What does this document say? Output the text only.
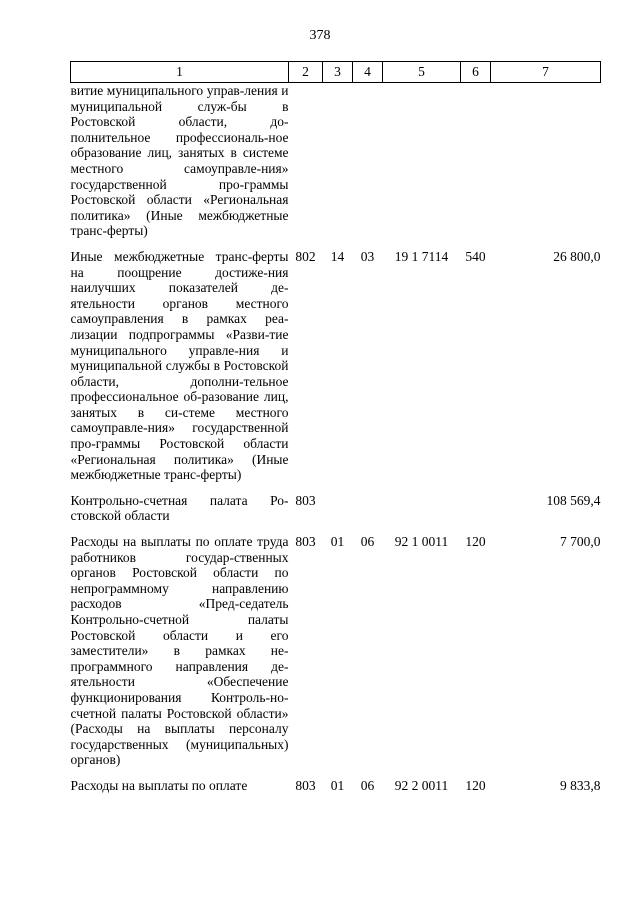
378
1	2	3	4	5	6	7
витие муниципального управ-ления и муниципальной служ-бы в Ростовской области, до-полнительное профессиональ-ное образование лиц, занятых в системе местного самоуправле-ния» государственной про-граммы Ростовской области «Региональная политика» (Иные межбюджетные транс-ферты)						

Иные межбюджетные транс-ферты на поощрение достиже-ния наилучших показателей де-ятельности органов местного самоуправления в рамках реа-лизации подпрограммы «Разви-тие муниципального управле-ния и муниципальной службы в Ростовской области, дополни-тельное профессиональное об-разование лиц, занятых в си-стеме местного самоуправле-ния» государственной про-граммы Ростовской области «Региональная политика» (Иные межбюджетные транс-ферты)	802	14	03	19 1 7114	540	26 800,0

Контрольно-счетная палата Ро-стовской области	803					108 569,4

Расходы на выплаты по оплате труда работников государ-ственных органов Ростовской области по непрограммному направлению расходов «Пред-седатель Контрольно-счетной палаты Ростовской области и его заместители» в рамках не-программного направления де-ятельности «Обеспечение функционирования Контроль-но-счетной палаты Ростовской области» (Расходы на выплаты персоналу государственных (муниципальных) органов)	803	01	06	92 1 0011	120	7 700,0

Расходы на выплаты по оплате	803	01	06	92 2 0011	120	9 833,8
